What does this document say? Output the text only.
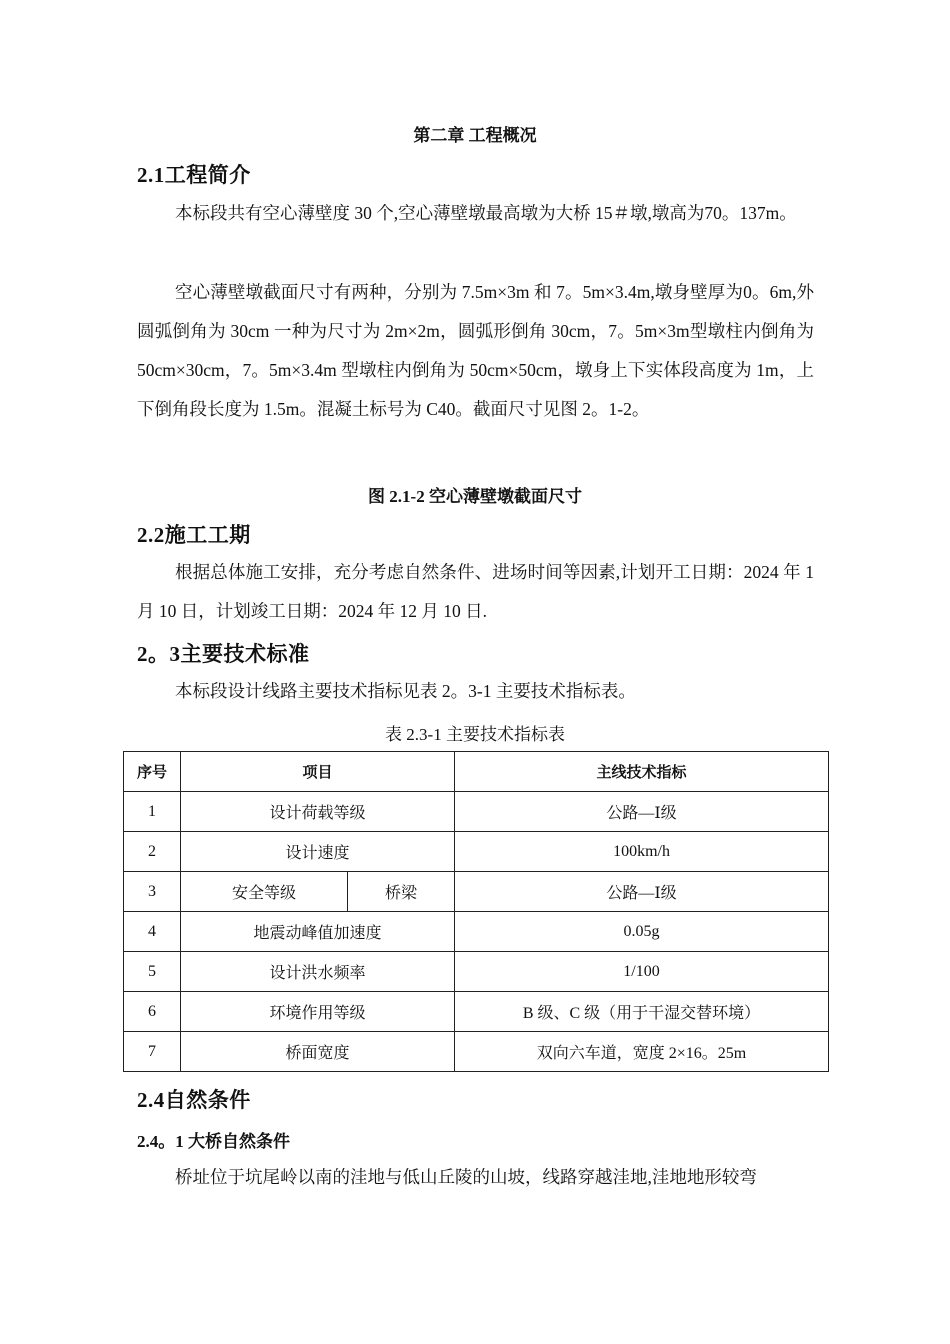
第二章 工程概况
2.1工程简介
本标段共有空心薄壁度 30 个,空心薄壁墩最高墩为大桥 15＃墩,墩高为70。137m。
空心薄壁墩截面尺寸有两种，分别为 7.5m×3m 和 7。5m×3.4m,墩身壁厚为0。6m,外圆弧倒角为 30cm 一种为尺寸为 2m×2m，圆弧形倒角 30cm，7。5m×3m型墩柱内倒角为 50cm×30cm，7。5m×3.4m 型墩柱内倒角为 50cm×50cm，墩身上下实体段高度为 1m，上下倒角段长度为 1.5m。混凝土标号为 C40。截面尺寸见图 2。1-2。
图 2.1-2 空心薄壁墩截面尺寸
2.2施工工期
根据总体施工安排，充分考虑自然条件、进场时间等因素,计划开工日期：2024 年 1 月 10 日，计划竣工日期：2024 年 12 月 10 日.
2。3主要技术标准
本标段设计线路主要技术指标见表 2。3-1 主要技术指标表。
表 2.3-1 主要技术指标表
序号	项目		主线技术指标
1	设计荷载等级		公路—Ⅰ级
2	设计速度		100km/h
3	安全等级	桥梁	公路—Ⅰ级
4	地震动峰值加速度		0.05g
5	设计洪水频率		1/100
6	环境作用等级		B 级、C 级（用于干湿交替环境）
7	桥面宽度		双向六车道，宽度 2×16。25m
2.4自然条件
2.4。1 大桥自然条件
桥址位于坑尾岭以南的洼地与低山丘陵的山坡，线路穿越洼地,洼地地形较弯
